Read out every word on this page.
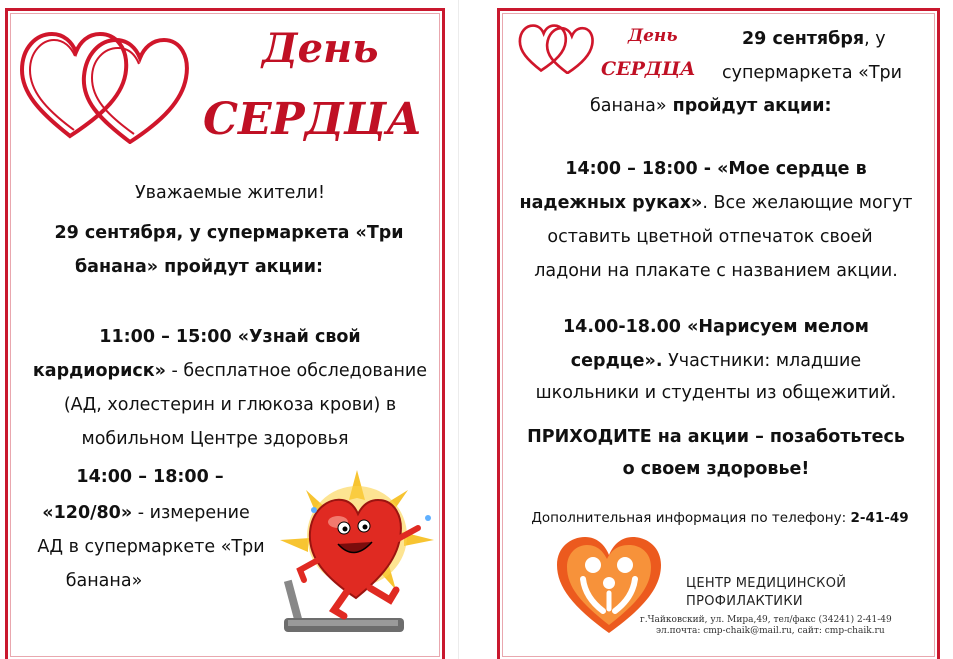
День
СЕРДЦА
Уважаемые жители!
29 сентября, у супермаркета «Три
банана» пройдут акции:
11:00 – 15:00 «Узнай свой
кардиориск» - бесплатное обследование
(АД, холестерин и глюкоза крови) в
мобильном Центре здоровья
14:00 – 18:00 –
«120/80» - измерение
АД в супермаркете «Три
банана»
День
СЕРДЦА
29 сентября, у
супермаркета «Три
банана» пройдут акции:
14:00 – 18:00 - «Мое сердце в
надежных руках». Все желающие могут
оставить цветной отпечаток своей
ладони на плакате с названием акции.
14.00-18.00 «Нарисуем мелом
сердце». Участники: младшие
школьники и студенты из общежитий.
ПРИХОДИТЕ на акции – позаботьтесь
о своем здоровье!
Дополнительная информация по телефону: 2-41-49
ЦЕНТР МЕДИЦИНСКОЙ
ПРОФИЛАКТИКИ
г.Чайковский, ул. Мира,49, тел/факс (34241) 2-41-49
эл.почта: cmp-chaik@mail.ru, сайт: cmp-chaik.ru
